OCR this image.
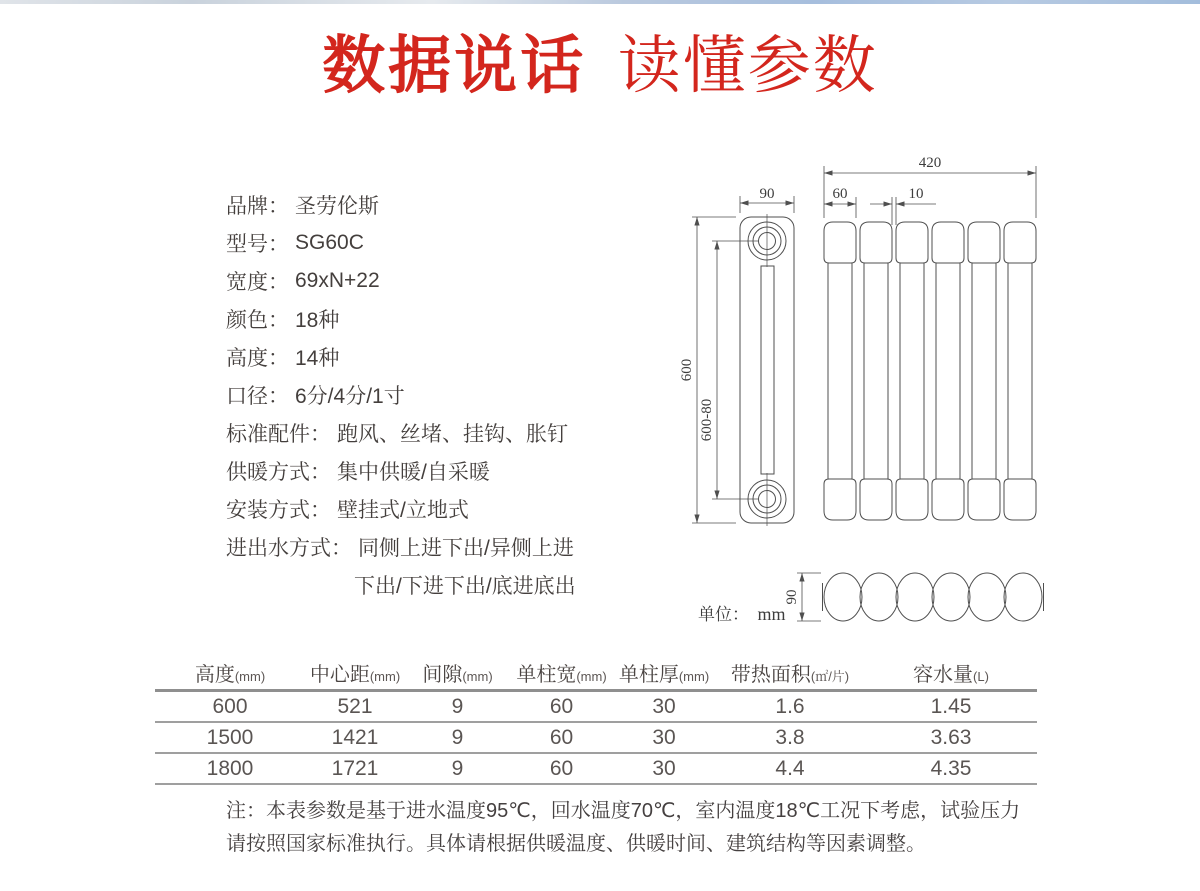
数据说话 读懂参数
品牌： 圣劳伦斯
型号： SG60C
宽度： 69xN+22
颜色： 18种
高度： 14种
口径： 6分/4分/1寸
标准配件： 跑风、丝堵、挂钩、胀钉
供暖方式： 集中供暖/自采暖
安装方式： 壁挂式/立地式
进出水方式： 同侧上进下出/异侧上进
下出/下进下出/底进底出
90
600
600-80
420
60	10
90
单位： mm
高度(mm)	中心距(mm)	间隙(mm)	单柱宽(mm)	单柱厚(mm)	带热面积(㎡/片)	容水量(L)
600	521	9	60	30	1.6	1.45
1500	1421	9	60	30	3.8	3.63
1800	1721	9	60	30	4.4	4.35
注：本表参数是基于进水温度95℃，回水温度70℃，室内温度18℃工况下考虑，试验压力
请按照国家标准执行。具体请根据供暖温度、供暖时间、建筑结构等因素调整。
